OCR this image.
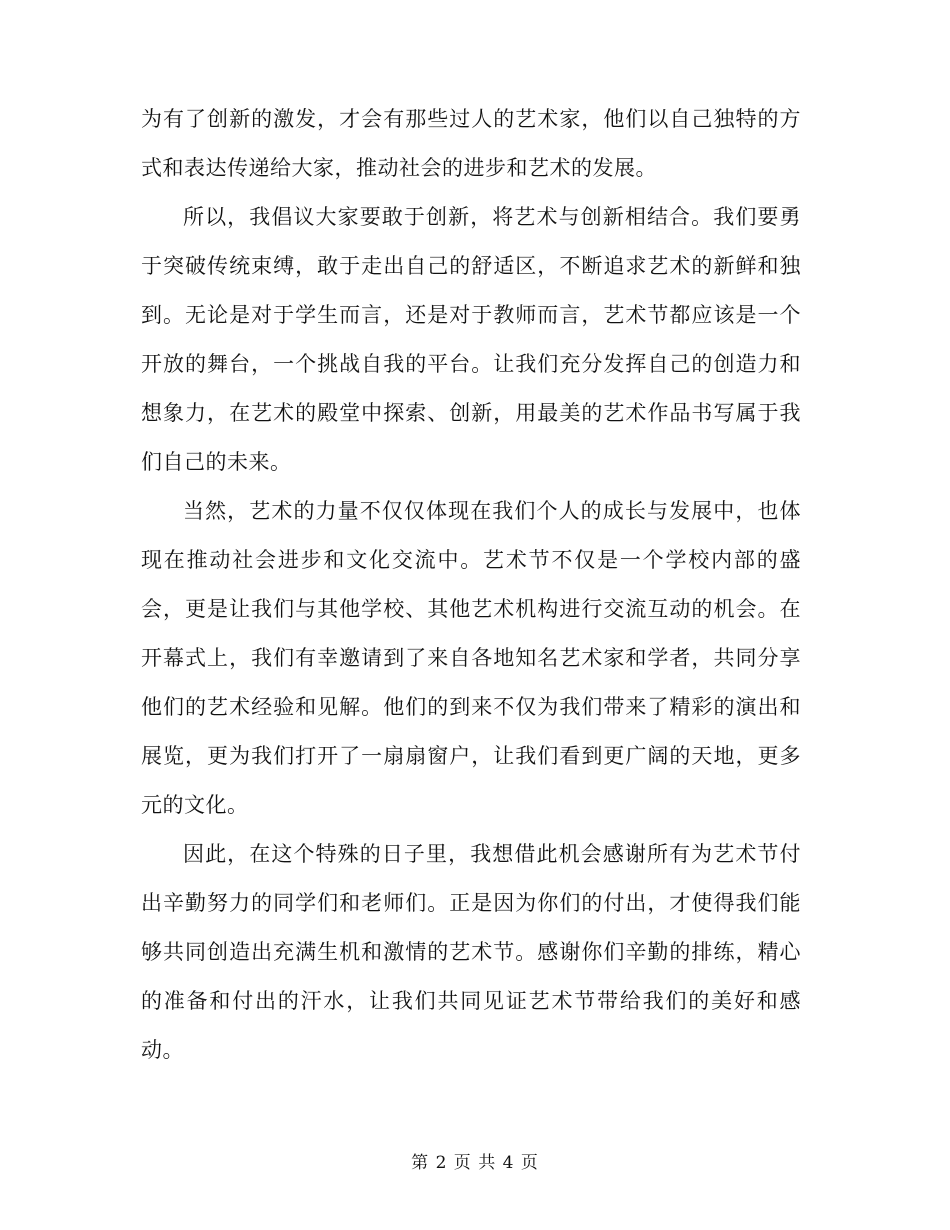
为有了创新的激发，才会有那些过人的艺术家，他们以自己独特的方式和表达传递给大家，推动社会的进步和艺术的发展。

所以，我倡议大家要敢于创新，将艺术与创新相结合。我们要勇于突破传统束缚，敢于走出自己的舒适区，不断追求艺术的新鲜和独到。无论是对于学生而言，还是对于教师而言，艺术节都应该是一个开放的舞台，一个挑战自我的平台。让我们充分发挥自己的创造力和想象力，在艺术的殿堂中探索、创新，用最美的艺术作品书写属于我们自己的未来。

当然，艺术的力量不仅仅体现在我们个人的成长与发展中，也体现在推动社会进步和文化交流中。艺术节不仅是一个学校内部的盛会，更是让我们与其他学校、其他艺术机构进行交流互动的机会。在开幕式上，我们有幸邀请到了来自各地知名艺术家和学者，共同分享他们的艺术经验和见解。他们的到来不仅为我们带来了精彩的演出和展览，更为我们打开了一扇扇窗户，让我们看到更广阔的天地，更多元的文化。

因此，在这个特殊的日子里，我想借此机会感谢所有为艺术节付出辛勤努力的同学们和老师们。正是因为你们的付出，才使得我们能够共同创造出充满生机和激情的艺术节。感谢你们辛勤的排练，精心的准备和付出的汗水，让我们共同见证艺术节带给我们的美好和感动。

第 2 页 共 4 页
